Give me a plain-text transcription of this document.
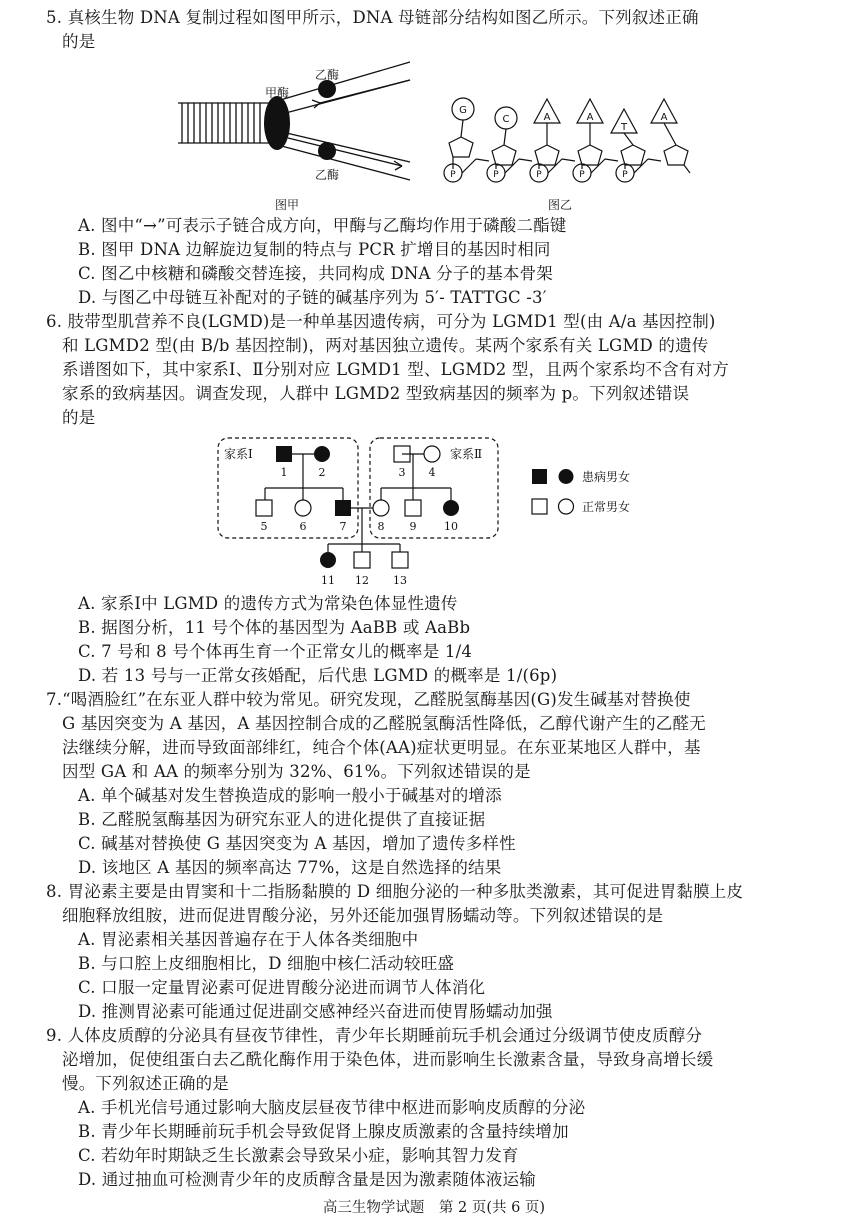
5. 真核生物 DNA 复制过程如图甲所示，DNA 母链部分结构如图乙所示。下列叙述正确
的是
甲酶
乙酶
乙酶
图甲
G
C	A	A
T
A
P	P	P	P	P
图乙
A. 图中“→”可表示子链合成方向，甲酶与乙酶均作用于磷酸二酯键
B. 图甲 DNA 边解旋边复制的特点与 PCR 扩增目的基因时相同
C. 图乙中核糖和磷酸交替连接，共同构成 DNA 分子的基本骨架
D. 与图乙中母链互补配对的子链的碱基序列为 5′- TATTGC -3′
6. 肢带型肌营养不良(LGMD)是一种单基因遗传病，可分为 LGMD1 型(由 A/a 基因控制)
和 LGMD2 型(由 B/b 基因控制)，两对基因独立遗传。某两个家系有关 LGMD 的遗传
系谱图如下，其中家系Ⅰ、Ⅱ分别对应 LGMD1 型、LGMD2 型，且两个家系均不含有对方
家系的致病基因。调查发现，人群中 LGMD2 型致病基因的频率为 p。下列叙述错误
的是
1	2	3 4
5	6	7	8 9	10
11 12 13
家系Ⅰ	家系Ⅱ
患病男女
正常男女
A. 家系Ⅰ中 LGMD 的遗传方式为常染色体显性遗传
B. 据图分析，11 号个体的基因型为 AaBB 或 AaBb
C. 7 号和 8 号个体再生育一个正常女儿的概率是 1/4
D. 若 13 号与一正常女孩婚配，后代患 LGMD 的概率是 1/(6p)
7.“喝酒脸红”在东亚人群中较为常见。研究发现，乙醛脱氢酶基因(G)发生碱基对替换使
G 基因突变为 A 基因，A 基因控制合成的乙醛脱氢酶活性降低，乙醇代谢产生的乙醛无
法继续分解，进而导致面部绯红，纯合个体(AA)症状更明显。在东亚某地区人群中，基
因型 GA 和 AA 的频率分别为 32%、61%。下列叙述错误的是
A. 单个碱基对发生替换造成的影响一般小于碱基对的增添
B. 乙醛脱氢酶基因为研究东亚人的进化提供了直接证据
C. 碱基对替换使 G 基因突变为 A 基因，增加了遗传多样性
D. 该地区 A 基因的频率高达 77%，这是自然选择的结果
8. 胃泌素主要是由胃窦和十二指肠黏膜的 D 细胞分泌的一种多肽类激素，其可促进胃黏膜上皮
细胞释放组胺，进而促进胃酸分泌，另外还能加强胃肠蠕动等。下列叙述错误的是
A. 胃泌素相关基因普遍存在于人体各类细胞中
B. 与口腔上皮细胞相比，D 细胞中核仁活动较旺盛
C. 口服一定量胃泌素可促进胃酸分泌进而调节人体消化
D. 推测胃泌素可能通过促进副交感神经兴奋进而使胃肠蠕动加强
9. 人体皮质醇的分泌具有昼夜节律性，青少年长期睡前玩手机会通过分级调节使皮质醇分
泌增加，促使组蛋白去乙酰化酶作用于染色体，进而影响生长激素含量，导致身高增长缓
慢。下列叙述正确的是
A. 手机光信号通过影响大脑皮层昼夜节律中枢进而影响皮质醇的分泌
B. 青少年长期睡前玩手机会导致促肾上腺皮质激素的含量持续增加
C. 若幼年时期缺乏生长激素会导致呆小症，影响其智力发育
D. 通过抽血可检测青少年的皮质醇含量是因为激素随体液运输
高三生物学试题　第 2 页(共 6 页)
